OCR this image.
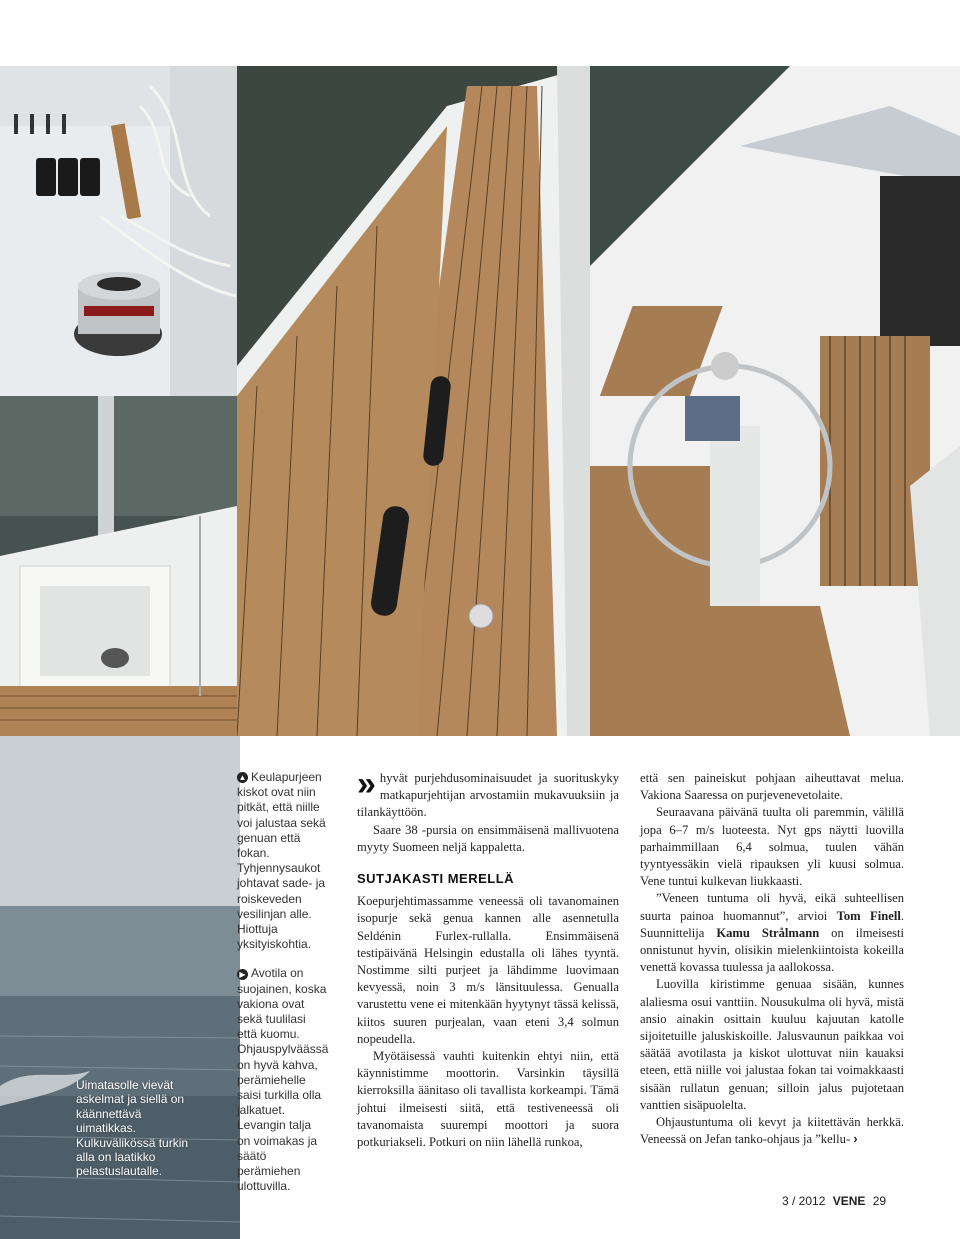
Uimatasolle vievät askelmat ja siellä on käännettävä uimatikkas. Kulkuvälikössä turkin alla on laatikko pelastuslautalle.

▲ Keulapurjeen kiskot ovat niin pitkät, että niille voi jalustaa sekä genuan että fokan. Tyhjennysaukot johtavat sade- ja roiskeveden vesilinjan alle. Hiottuja yksityiskohtia.

▶ Avotila on suojainen, koska vakiona ovat sekä tuulilasi että kuomu. Ohjauspylväässä on hyvä kahva, perämiehelle saisi turkilla olla jalkatuet. Levangin talja on voimakas ja säätö perämiehen ulottuvilla.

» hyvät purjehdusominaisuudet ja suorituskyky matkapurjehtijan arvostamiin mukavuuksiin ja tilankäyttöön.

Saare 38 -pursia on ensimmäisenä mallivuotena myyty Suomeen neljä kappaletta.

SUTJAKASTI MERELLÄ

Koepurjehtimassamme veneessä oli tavanomainen isopurje sekä genua kannen alle asennetulla Seldénin Furlex-rullalla. Ensimmäisenä testipäivänä Helsingin edustalla oli lähes tyyntä. Nostimme silti purjeet ja lähdimme luovimaan kevyessä, noin 3 m/s länsituulessa. Genualla varustettu vene ei mitenkään hyytynyt tässä kelissä, kiitos suuren purjealan, vaan eteni 3,4 solmun nopeudella.

Myötäisessä vauhti kuitenkin ehtyi niin, että käynnistimme moottorin. Varsinkin täysillä kierroksilla äänitaso oli tavallista korkeampi. Tämä johtui ilmeisesti siitä, että testiveneessä oli tavanomaista suurempi moottori ja suora potkuriakseli. Potkuri on niin lähellä runkoa,

että sen paineiskut pohjaan aiheuttavat melua. Vakiona Saaressa on purjevenevetolaite.

Seuraavana päivänä tuulta oli paremmin, välillä jopa 6–7 m/s luoteesta. Nyt gps näytti luovilla parhaimmillaan 6,4 solmua, tuulen vähän tyyntyessäkin vielä ripauksen yli kuusi solmua. Vene tuntui kulkevan liukkaasti.

”Veneen tuntuma oli hyvä, eikä suhteellisen suurta painoa huomannut”, arvioi Tom Finell. Suunnittelija Kamu Strålmann on ilmeisesti onnistunut hyvin, olisikin mielenkiintoista kokeilla venettä kovassa tuulessa ja aallokossa.

Luovilla kiristimme genuaa sisään, kunnes alaliesma osui vanttiin. Nousukulma oli hyvä, mistä ansio ainakin osittain kuuluu kajuutan katolle sijoitetuille jaluskiskoille. Jalusvaunun paikkaa voi säätää avotilasta ja kiskot ulottuvat niin kauaksi eteen, että niille voi jalustaa fokan tai voimakkaasti sisään rullatun genuan; silloin jalus pujotetaan vanttien sisäpuolelta.

Ohjaustuntuma oli kevyt ja kiitettävän herkkä. Veneessä on Jefan tanko-ohjaus ja ”kellu- ›

3 / 2012 VENE 29
